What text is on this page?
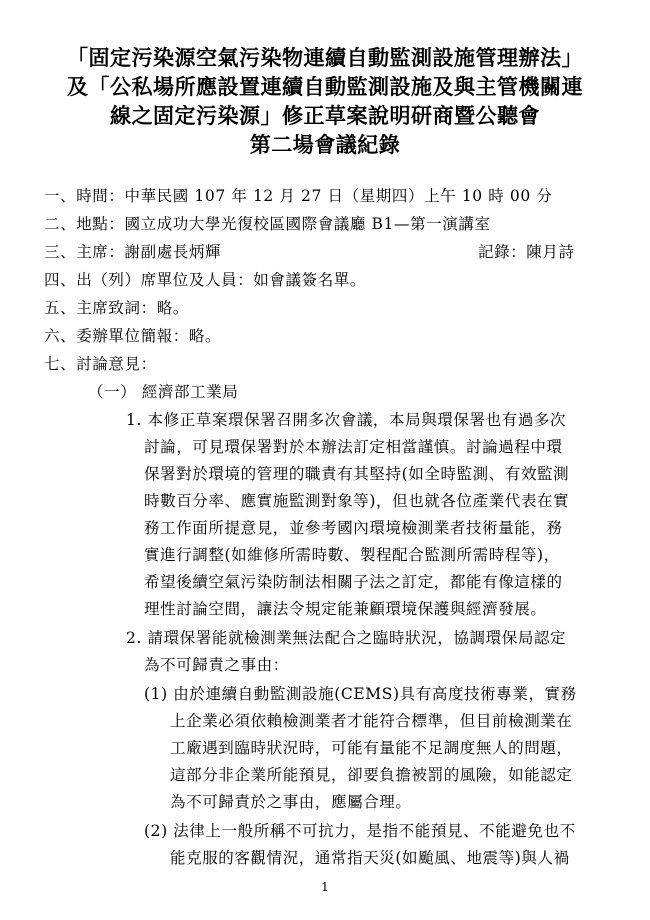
「固定污染源空氣污染物連續自動監測設施管理辦法」
及「公私場所應設置連續自動監測設施及與主管機關連
線之固定污染源」修正草案說明研商暨公聽會
第二場會議紀錄
一、時間：中華民國 107 年 12 月 27 日（星期四）上午 10 時 00 分
二、地點：國立成功大學光復校區國際會議廳 B1—第一演講室
三、主席：謝副處長炳輝	記錄：陳月詩
四、出（列）席單位及人員：如會議簽名單。
五、主席致詞：略。
六、委辦單位簡報：略。
七、討論意見：
（一） 經濟部工業局
1. 本修正草案環保署召開多次會議，本局與環保署也有過多次
討論，可見環保署對於本辦法訂定相當謹慎。討論過程中環
保署對於環境的管理的職責有其堅持(如全時監測、有效監測
時數百分率、應實施監測對象等)，但也就各位產業代表在實
務工作面所提意見，並參考國內環境檢測業者技術量能，務
實進行調整(如維修所需時數、製程配合監測所需時程等)，
希望後續空氣污染防制法相關子法之訂定，都能有像這樣的
理性討論空間，讓法令規定能兼顧環境保護與經濟發展。
2. 請環保署能就檢測業無法配合之臨時狀況，協調環保局認定
為不可歸責之事由：
(1) 由於連續自動監測設施(CEMS)具有高度技術專業，實務
上企業必須依賴檢測業者才能符合標準，但目前檢測業在
工廠遇到臨時狀況時，可能有量能不足調度無人的問題，
這部分非企業所能預見，卻要負擔被罰的風險，如能認定
為不可歸責於之事由，應屬合理。
(2) 法律上一般所稱不可抗力，是指不能預見、不能避免也不
能克服的客觀情況，通常指天災(如颱風、地震等)與人禍
1
